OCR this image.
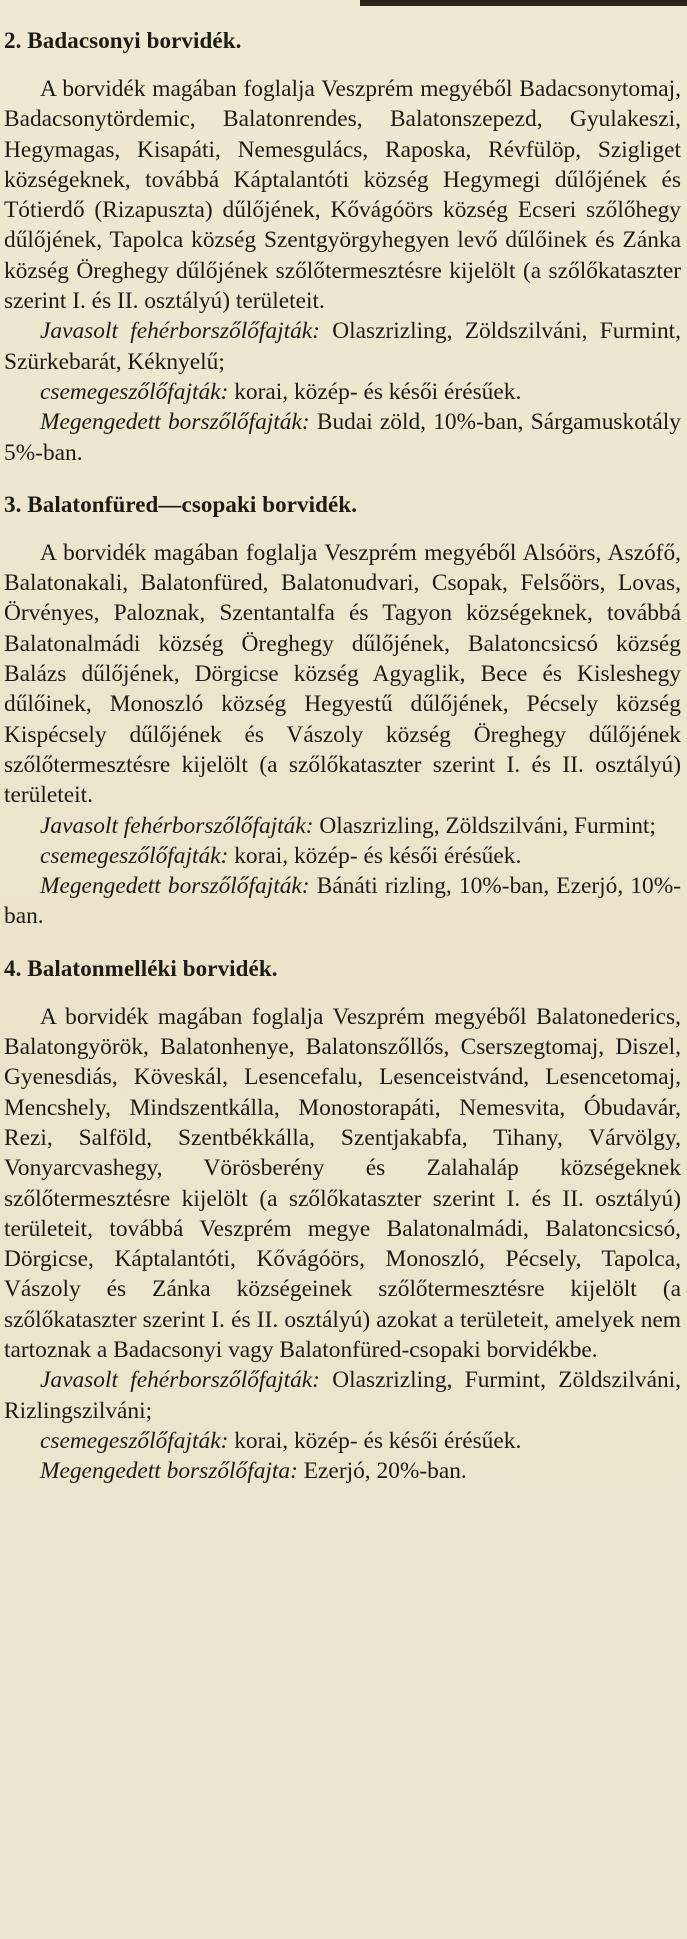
2. Badacsonyi borvidék.

A borvidék magában foglalja Veszprém megyéből Badacsonytomaj, Badacsonytördemic, Balatonrendes, Balatonszepezd, Gyulakeszi, Hegymagas, Kisapáti, Nemesgulács, Raposka, Révfülöp, Szigliget községeknek, továbbá Káptalantóti község Hegymegi dűlőjének és Tótierdő (Rizapuszta) dűlőjének, Kővágóörs község Ecseri szőlőhegy dűlőjének, Tapolca község Szentgyörgyhegyen levő dűlőinek és Zánka község Öreghegy dűlőjének szőlőtermesztésre kijelölt (a szőlőkataszter szerint I. és II. osztályú) területeit.

Javasolt fehérborszőlőfajták: Olaszrizling, Zöldszilváni, Furmint, Szürkebarát, Kéknyelű;

csemegeszőlőfajták: korai, közép- és késői érésűek.

Megengedett borszőlőfajták: Budai zöld, 10%-ban, Sárgamuskotály 5%-ban.

3. Balatonfüred—csopaki borvidék.

A borvidék magában foglalja Veszprém megyéből Alsóörs, Aszófő, Balatonakali, Balatonfüred, Balatonudvari, Csopak, Felsőörs, Lovas, Örvényes, Paloznak, Szentantalfa és Tagyon községeknek, továbbá Balatonalmádi község Öreghegy dűlőjének, Balatoncsicsó község Balázs dűlőjének, Dörgicse község Agyaglik, Bece és Kisleshegy dűlőinek, Monoszló község Hegyestű dűlőjének, Pécsely község Kispécsely dűlőjének és Vászoly község Öreghegy dűlőjének szőlőtermesztésre kijelölt (a szőlőkataszter szerint I. és II. osztályú) területeit.

Javasolt fehérborszőlőfajták: Olaszrizling, Zöldszilváni, Furmint;

csemegeszőlőfajták: korai, közép- és késői érésűek.

Megengedett borszőlőfajták: Bánáti rizling, 10%-ban, Ezerjó, 10%-ban.

4. Balatonmelléki borvidék.

A borvidék magában foglalja Veszprém megyéből Balatonederics, Balatongyörök, Balatonhenye, Balatonszőllős, Cserszegtomaj, Diszel, Gyenesdiás, Köveskál, Lesencefalu, Lesenceistvánd, Lesencetomaj, Mencshely, Mindszentkálla, Monostorapáti, Nemesvita, Óbudavár, Rezi, Salföld, Szentbékkálla, Szentjakabfa, Tihany, Várvölgy, Vonyarcvashegy, Vörösberény és Zalahaláp községeknek szőlőtermesztésre kijelölt (a szőlőkataszter szerint I. és II. osztályú) területeit, továbbá Veszprém megye Balatonalmádi, Balatoncsicsó, Dörgicse, Káptalantóti, Kővágóörs, Monoszló, Pécsely, Tapolca, Vászoly és Zánka községeinek szőlőtermesztésre kijelölt (a szőlőkataszter szerint I. és II. osztályú) azokat a területeit, amelyek nem tartoznak a Badacsonyi vagy Balatonfüred-csopaki borvidékbe.

Javasolt fehérborszőlőfajták: Olaszrizling, Furmint, Zöldszilváni, Rizlingszilváni;

csemegeszőlőfajták: korai, közép- és késői érésűek.

Megengedett borszőlőfajta: Ezerjó, 20%-ban.
